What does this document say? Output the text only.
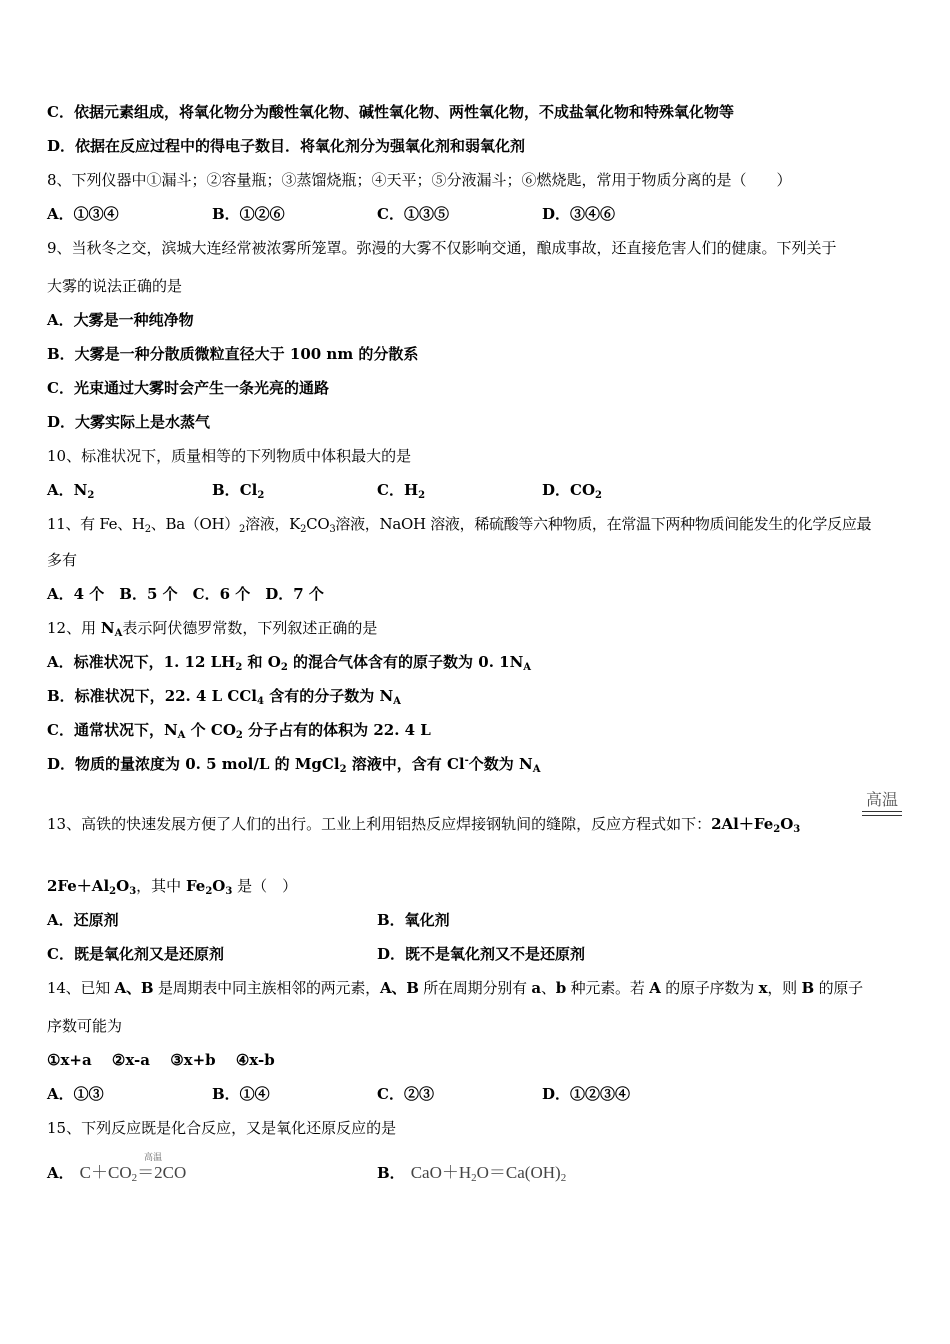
C．依据元素组成，将氧化物分为酸性氧化物、碱性氧化物、两性氧化物，不成盐氧化物和特殊氧化物等
D．依据在反应过程中的得电子数目．将氧化剂分为强氧化剂和弱氧化剂
8、下列仪器中①漏斗；②容量瓶；③蒸馏烧瓶；④天平；⑤分液漏斗；⑥燃烧匙，常用于物质分离的是（　　）
A．①③④	B．①②⑥	C．①③⑤	D．③④⑥
9、当秋冬之交，滨城大连经常被浓雾所笼罩。弥漫的大雾不仅影响交通，酿成事故，还直接危害人们的健康。下列关于
大雾的说法正确的是
A．大雾是一种纯净物
B．大雾是一种分散质微粒直径大于 100 nm 的分散系
C．光束通过大雾时会产生一条光亮的通路
D．大雾实际上是水蒸气
10、标准状况下，质量相等的下列物质中体积最大的是
A．$N_2$	B．$Cl_2$	C．$H_2$	D．$CO_2$
11、有 Fe、$H_2$、$Ba(OH)_2$溶液，$K_2CO_3$溶液，NaOH 溶液，稀硫酸等六种物质，在常温下两种物质间能发生的化学反应最
多有
A．4 个　B．5 个　C．6 个　D．7 个
12、用 $N_A$表示阿伏德罗常数，下列叙述正确的是
A．标准状况下，1. 12 $LH_2$ 和 $O_2$ 的混合气体含有的原子数为 0. $1N_A$
B．标准状况下，22. 4 L CCl$_4$ 含有的分子数为 $N_A$
C．通常状况下，$N_A$ 个 $CO_2$ 分子占有的体积为 22. 4 L
D．物质的量浓度为 0. 5 mol/L 的 MgCl$_2$ 溶液中，含有 Cl-个数为 $N_A$
高温
13、高铁的快速发展方便了人们的出行。工业上利用铝热反应焊接钢轨间的缝隙，反应方程式如下：$2Al+Fe_2O_3$
$2Fe+Al_2O_3$，其中 $Fe_2O_3$ 是（　）
A．还原剂	B．氧化剂
C．既是氧化剂又是还原剂	D．既不是氧化剂又不是还原剂
14、已知 A、B 是周期表中同主族相邻的两元素，A、B 所在周期分别有 a、b 种元素。若 A 的原子序数为 x，则 B 的原子
序数可能为
①x+a　 ②x-a　 ③x+b　 ④x-b
A．①③	B．①④	C．②③	D．①②③④
15、下列反应既是化合反应，又是氧化还原反应的是
A． $C+CO_2=2CO$
高温
B． $CaO+H_2O=Ca(OH)_2$
